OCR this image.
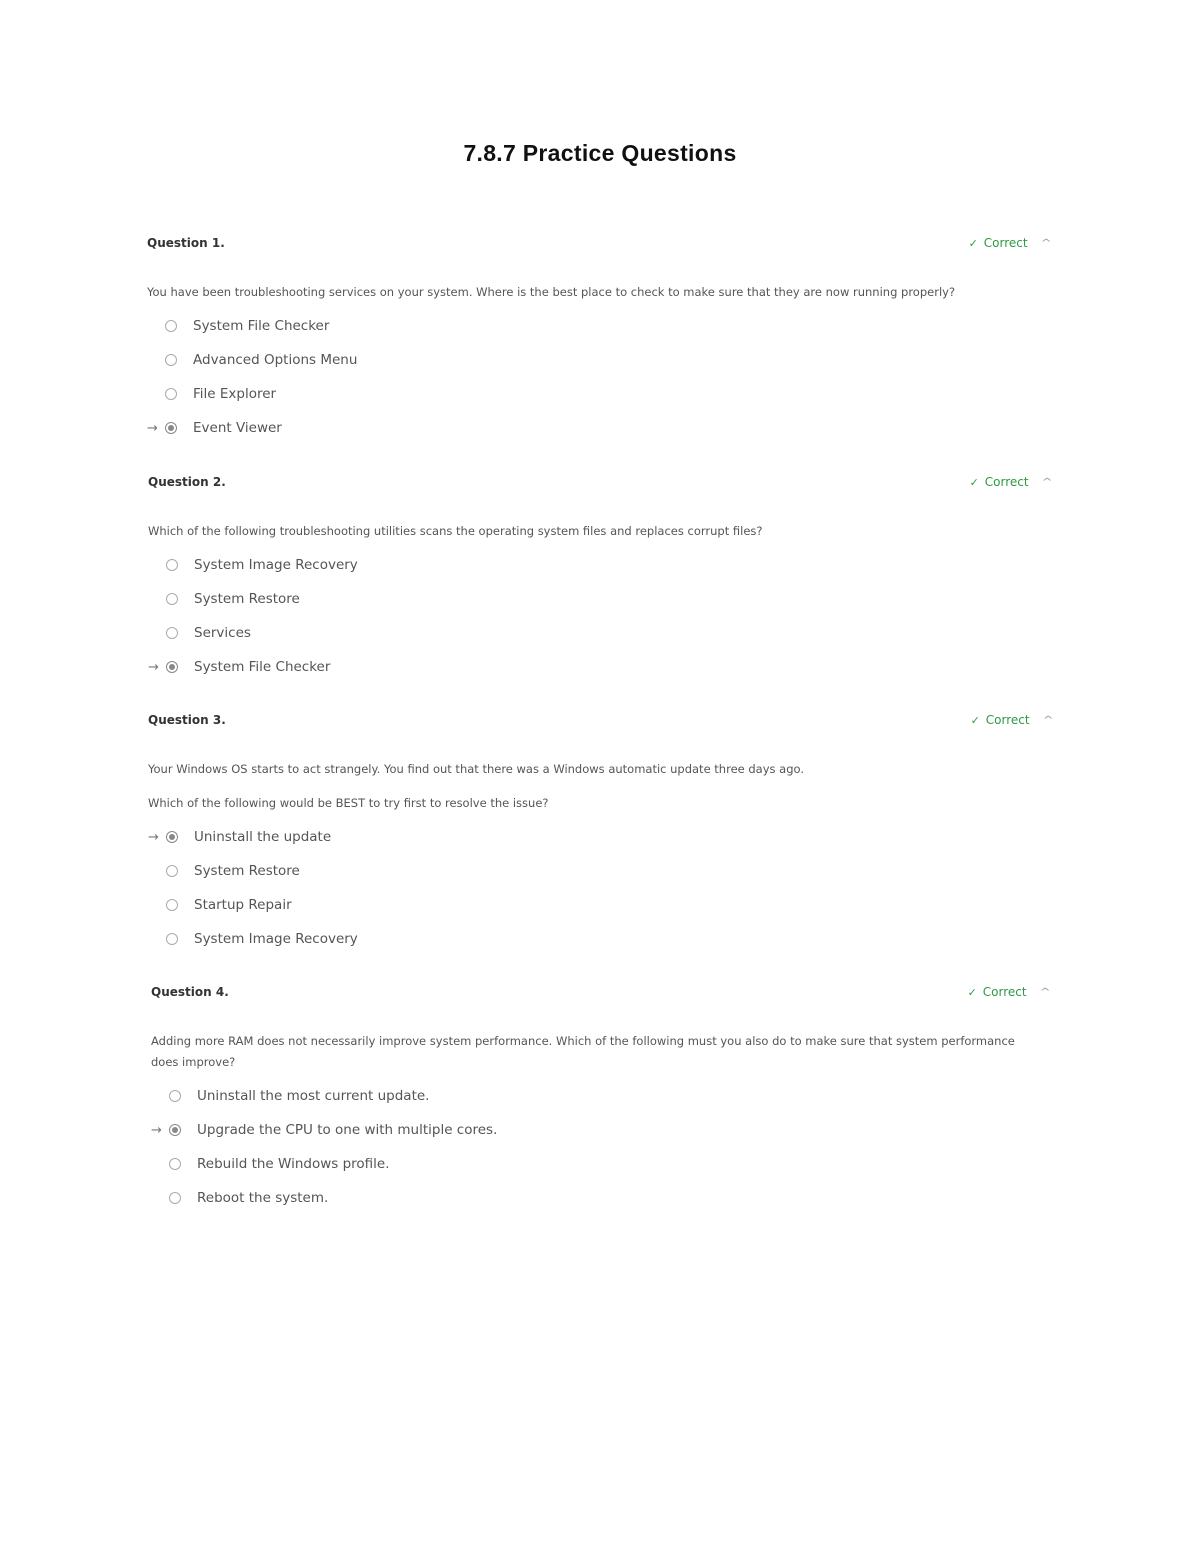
7.8.7 Practice Questions
Question 1.	✓ Correct ^
You have been troubleshooting services on your system. Where is the best place to check to make sure that they are now running properly?
System File Checker
Advanced Options Menu
File Explorer
→	Event Viewer
Question 2.	✓ Correct ^
Which of the following troubleshooting utilities scans the operating system files and replaces corrupt files?
System Image Recovery
System Restore
Services
→	System File Checker
Question 3.	✓ Correct ^
Your Windows OS starts to act strangely. You find out that there was a Windows automatic update three days ago.
Which of the following would be BEST to try first to resolve the issue?
→	Uninstall the update
System Restore
Startup Repair
System Image Recovery
Question 4.	✓ Correct ^
Adding more RAM does not necessarily improve system performance. Which of the following must you also do to make sure that system performance does improve?
Uninstall the most current update.
→	Upgrade the CPU to one with multiple cores.
Rebuild the Windows profile.
Reboot the system.
